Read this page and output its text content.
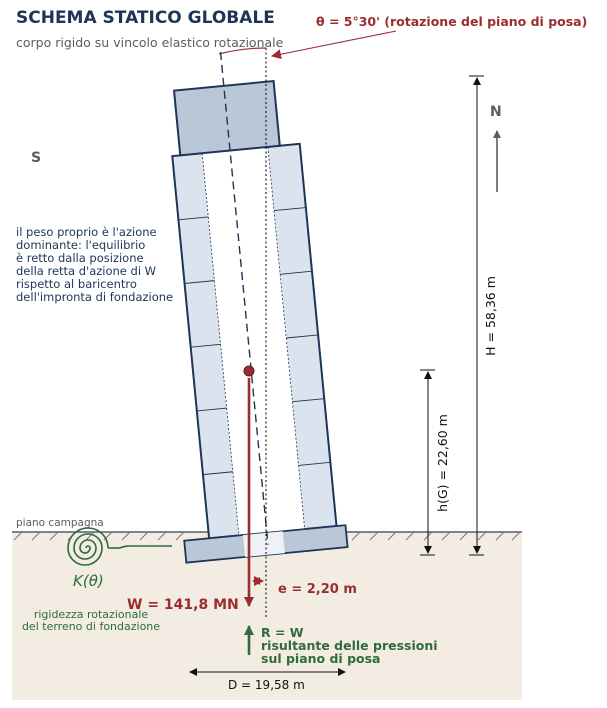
SCHEMA STATICO GLOBALE
corpo rigido su vincolo elastico rotazionale
θ = 5°30' (rotazione del piano di posa)
S
N
il peso proprio è l'azione
dominante: l'equilibrio
è retto dalla posizione
della retta d'azione di W
rispetto al baricentro
dell'impronta di fondazione	H = 58,36 m
h(G) = 22,60 m
piano campagna
K(θ)
rigidezza rotazionale
del terreno di fondazione
W = 141,8 MN
e = 2,20 m
R = W
risultante delle pressioni
sul piano di posa
D = 19,58 m
